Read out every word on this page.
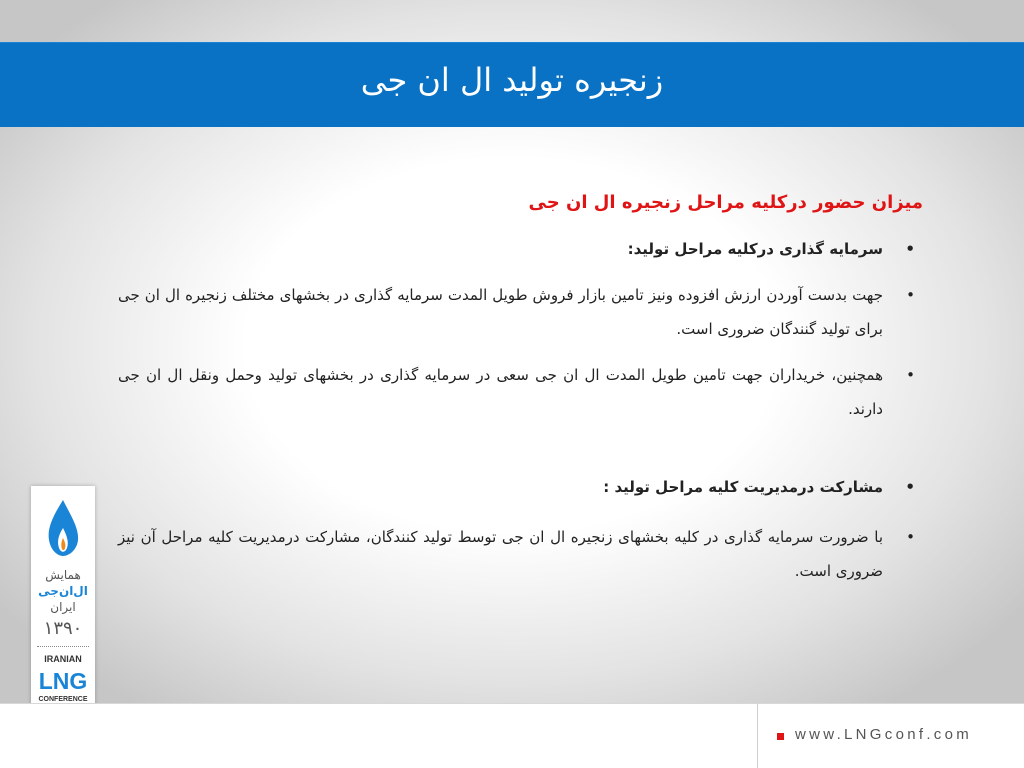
زنجیره تولید ال ان جی
میزان حضور درکلیه مراحل زنجیره ال ان جی
•
سرمایه گذاری درکلیه مراحل تولید:
•
جهت بدست آوردن ارزش افزوده ونیز تامین بازار فروش طویل المدت سرمایه گذاری در بخشهای مختلف زنجیره ال ان جی برای تولید گنندگان ضروری است.
•
همچنین، خریداران جهت تامین طویل المدت ال ان جی سعی در سرمایه گذاری در بخشهای تولید وحمل ونقل ال ان جی دارند.
•
مشارکت درمدیریت کلیه مراحل تولید :
•
با ضرورت سرمایه گذاری در کلیه بخشهای زنجیره ال ان جی توسط تولید کنندگان، مشارکت درمدیریت کلیه مراحل آن نیز ضروری است.
همایش
ال‌ان‌جی
ایران
۱۳۹۰
IRANIAN
LNG
CONFERENCE
www.LNGconf.com
